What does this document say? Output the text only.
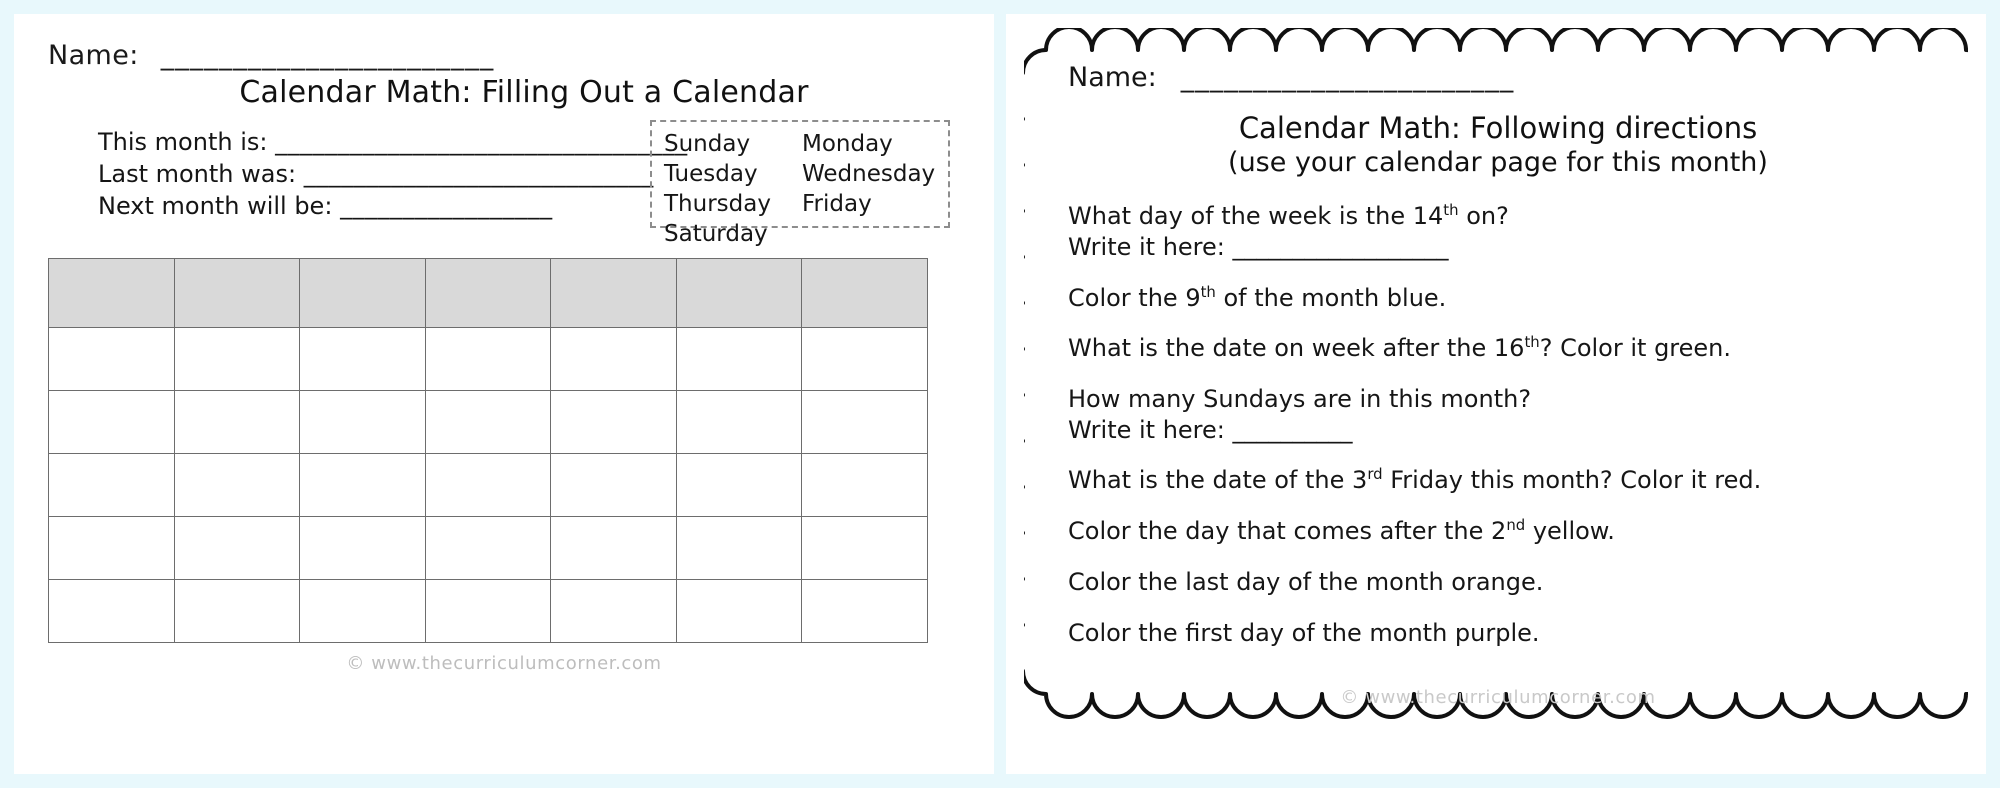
Name: _______________________
Calendar Math: Filling Out a Calendar
This month is: _________________________________
Last month was: ____________________________
Next month will be: _________________
Sunday	Monday
Tuesday	Wednesday
Thursday	Friday
Saturday

© www.thecurriculumcorner.com
Name: _______________________
Calendar Math: Following directions
(use your calendar page for this month)
What day of the week is the 14th on?
Write it here: __________________
Color the 9th of the month blue.
What is the date on week after the 16th? Color it green.
How many Sundays are in this month?
Write it here: __________
What is the date of the 3rd Friday this month? Color it red.
Color the day that comes after the 2nd yellow.
Color the last day of the month orange.
Color the first day of the month purple.
© www.thecurriculumcorner.com
